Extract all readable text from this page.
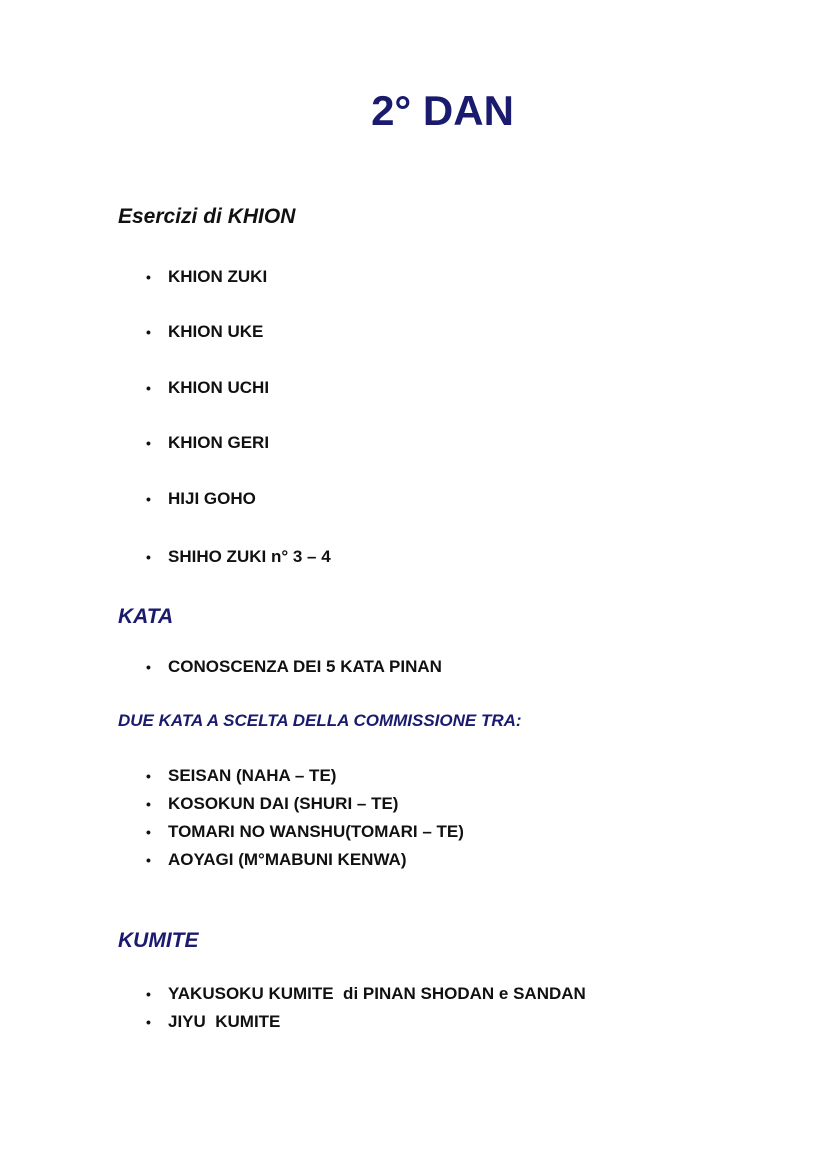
2° DAN
Esercizi di KHION
• KHION ZUKI
• KHION UKE
• KHION UCHI
• KHION GERI
• HIJI GOHO
• SHIHO ZUKI n° 3 – 4
KATA
• CONOSCENZA DEI 5 KATA PINAN
DUE KATA A SCELTA DELLA COMMISSIONE TRA:
• SEISAN (NAHA – TE)
• KOSOKUN DAI (SHURI – TE)
• TOMARI NO WANSHU(TOMARI – TE)
• AOYAGI (M°MABUNI KENWA)
KUMITE
• YAKUSOKU KUMITE  di PINAN SHODAN e SANDAN
• JIYU  KUMITE
